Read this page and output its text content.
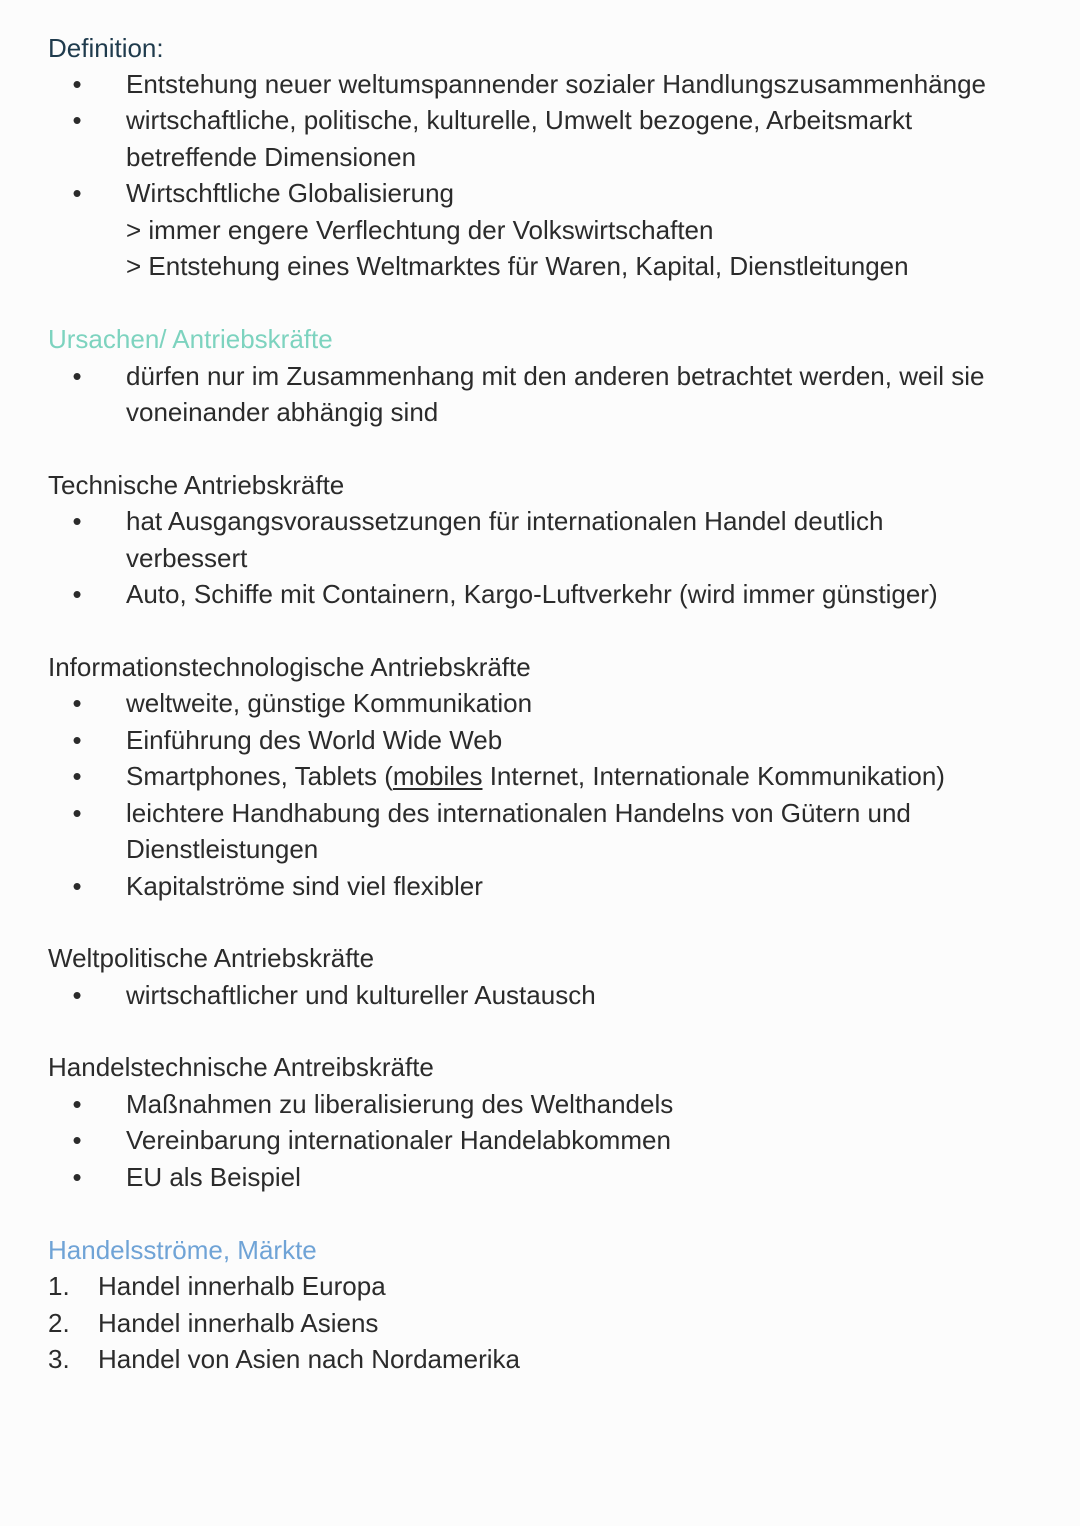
Definition:
• Entstehung neuer weltumspannender sozialer Handlungszusammenhänge
• wirtschaftliche, politische, kulturelle, Umwelt bezogene, Arbeitsmarkt
betreffende Dimensionen
• Wirtschftliche Globalisierung
> immer engere Verflechtung der Volkswirtschaften
> Entstehung eines Weltmarktes für Waren, Kapital, Dienstleitungen
Ursachen/ Antriebskräfte
• dürfen nur im Zusammenhang mit den anderen betrachtet werden, weil sie
voneinander abhängig sind
Technische Antriebskräfte
• hat Ausgangsvoraussetzungen für internationalen Handel deutlich
verbessert
• Auto, Schiffe mit Containern, Kargo-Luftverkehr (wird immer günstiger)
Informationstechnologische Antriebskräfte
• weltweite, günstige Kommunikation
• Einführung des World Wide Web
• Smartphones, Tablets (mobiles Internet, Internationale Kommunikation)
• leichtere Handhabung des internationalen Handelns von Gütern und
Dienstleistungen
• Kapitalströme sind viel flexibler
Weltpolitische Antriebskräfte
• wirtschaftlicher und kultureller Austausch
Handelstechnische Antreibskräfte
• Maßnahmen zu liberalisierung des Welthandels
• Vereinbarung internationaler Handelabkommen
• EU als Beispiel
Handelsströme, Märkte
1. Handel innerhalb Europa
2. Handel innerhalb Asiens
3. Handel von Asien nach Nordamerika
